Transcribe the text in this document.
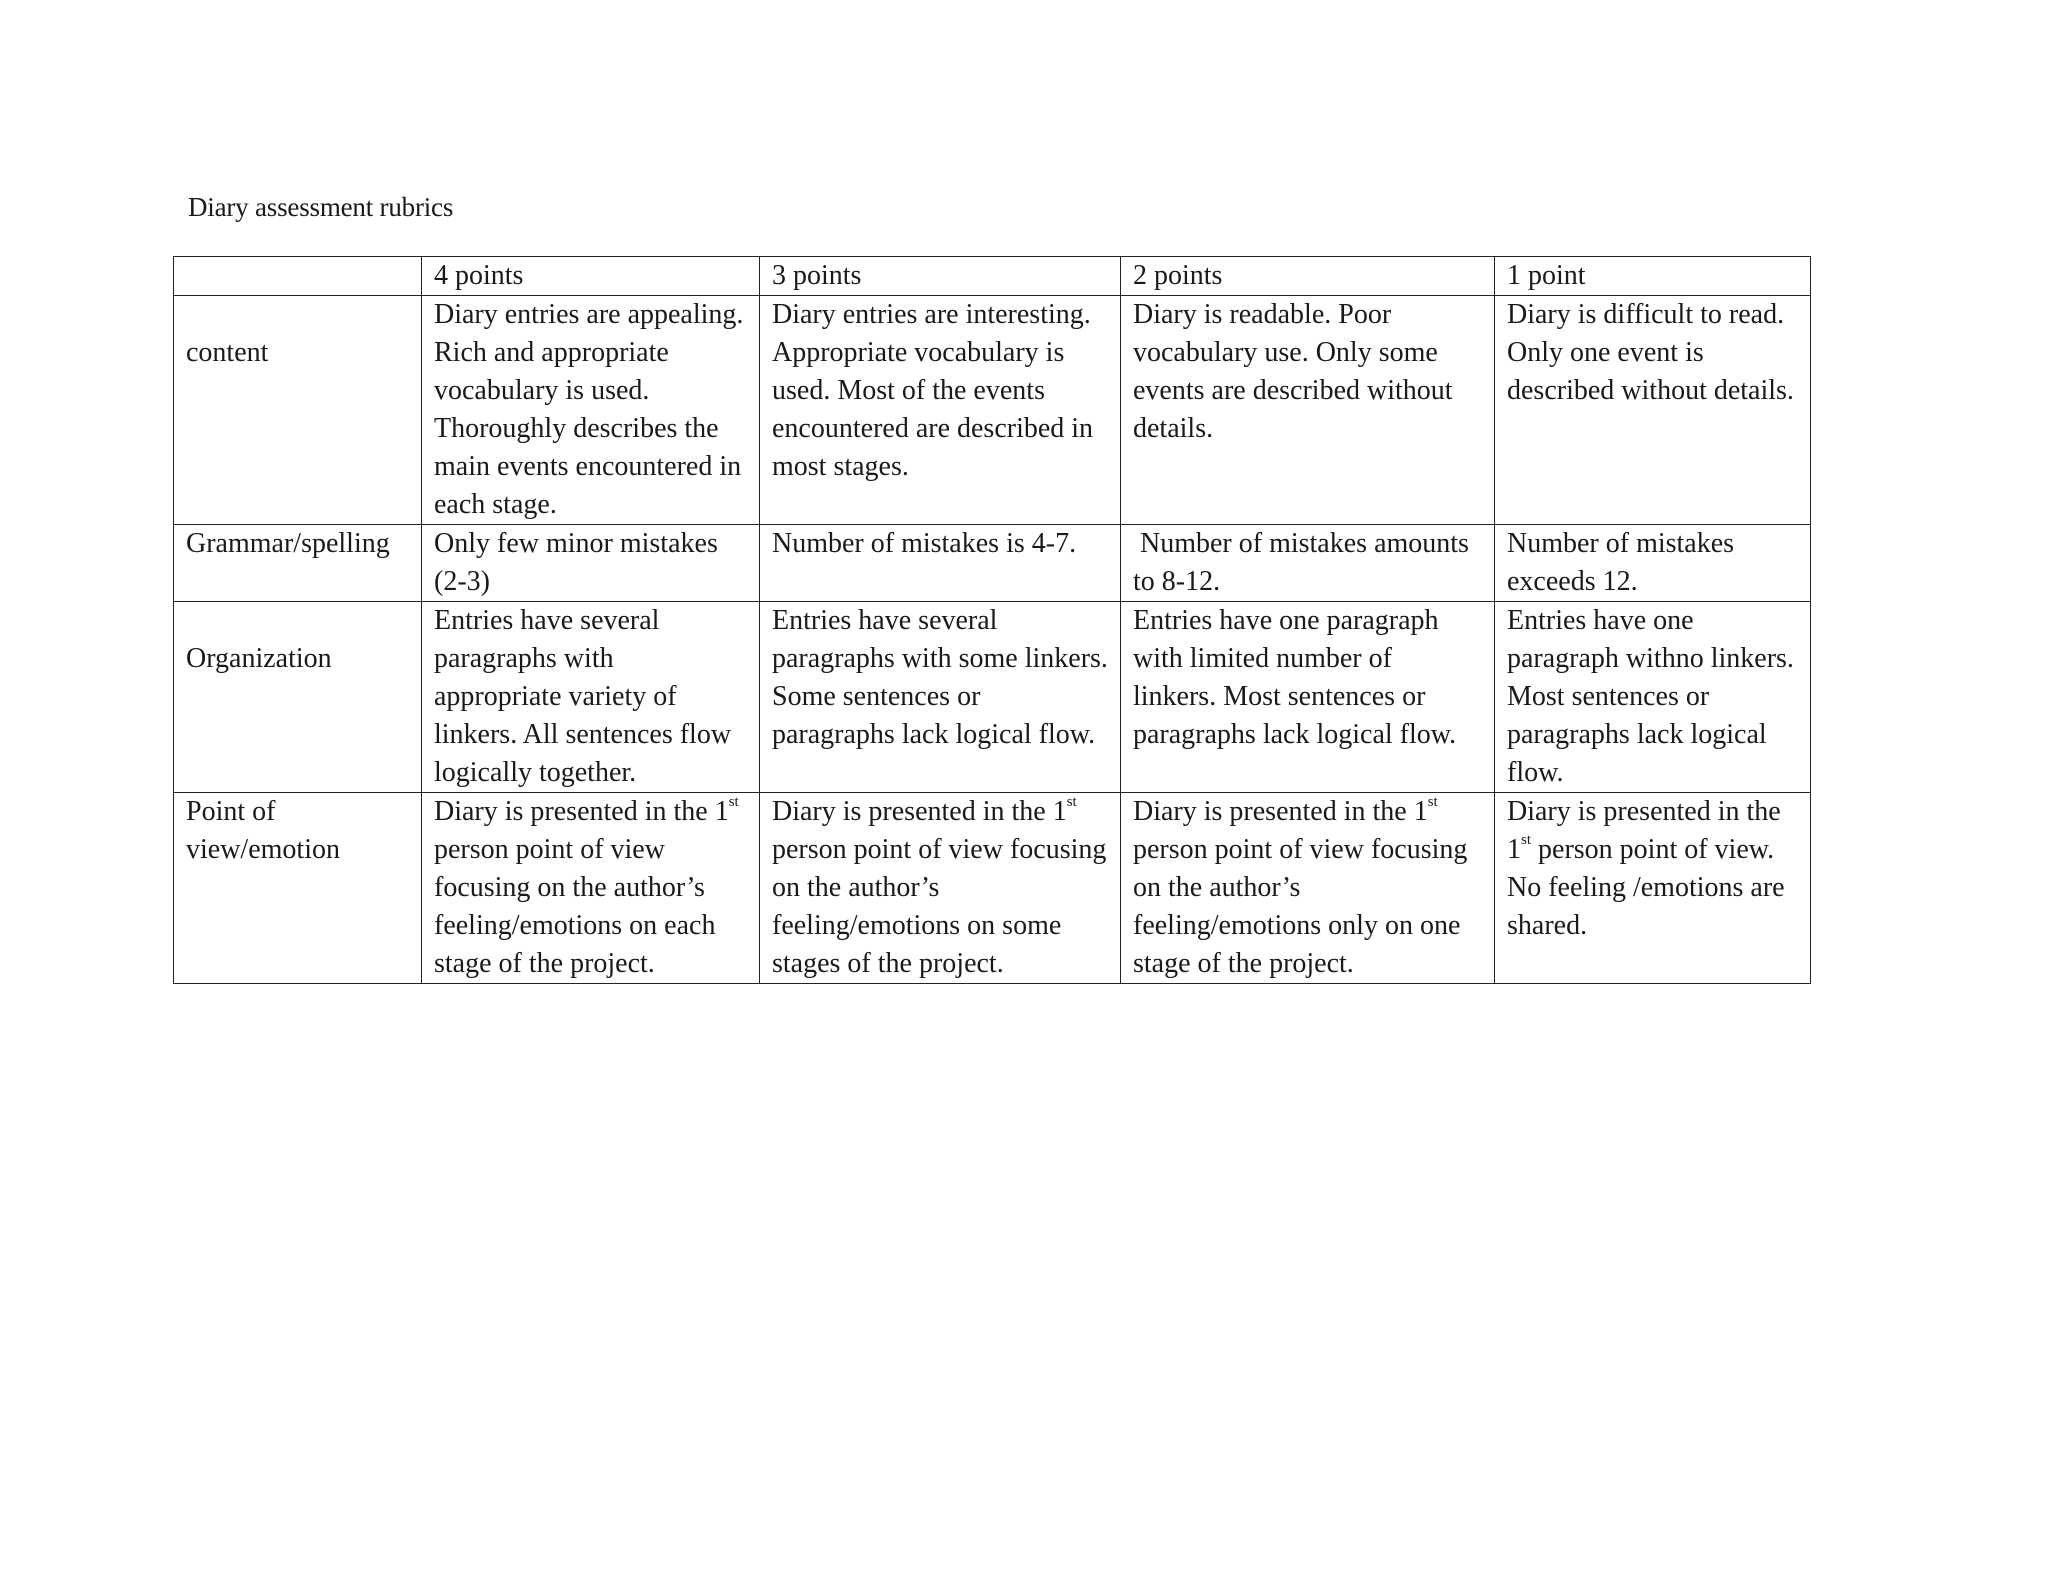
Diary assessment rubrics
	4 points	3 points	2 points	1 point
content	Diary entries are appealing. Rich and appropriate vocabulary is used. Thoroughly describes the main events encountered in each stage.	Diary entries are interesting. Appropriate vocabulary is used. Most of the events encountered are described in most stages.	Diary is readable. Poor vocabulary use. Only some events are described without details.	Diary is difficult to read. Only one event is described without details.
Grammar/spelling	Only few minor mistakes (2-3)	Number of mistakes is 4-7.	Number of mistakes amounts to 8-12.	Number of mistakes exceeds 12.
Organization	Entries have several paragraphs with appropriate variety of linkers. All sentences flow logically together.	Entries have several paragraphs with some linkers. Some sentences or paragraphs lack logical flow.	Entries have one paragraph with limited number of linkers. Most sentences or paragraphs lack logical flow.	Entries have one paragraph withno linkers. Most sentences or paragraphs lack logical flow.
Point of view/emotion	Diary is presented in the 1st person point of view focusing on the author’s feeling/emotions on each stage of the project.	Diary is presented in the 1st person point of view focusing on the author’s feeling/emotions on some stages of the project.	Diary is presented in the 1st person point of view focusing on the author’s feeling/emotions only on one stage of the project.	Diary is presented in the 1st person point of view. No feeling /emotions are shared.
